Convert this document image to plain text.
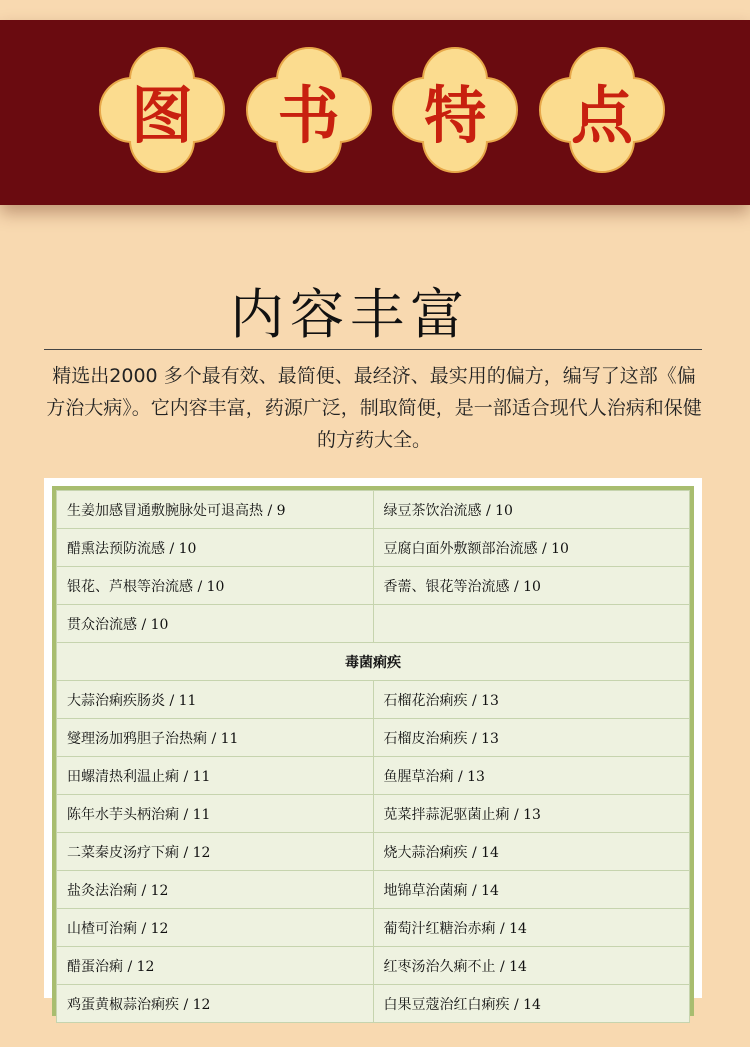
图	书	特	点
内容丰富
精选出2000 多个最有效、最简便、最经济、最实用的偏方，编写了这部《偏方治大病》。它内容丰富，药源广泛，制取简便，是一部适合现代人治病和保健的方药大全。
生姜加感冒通敷腕脉处可退高热 / 9	绿豆茶饮治流感 / 10
醋熏法预防流感 / 10	豆腐白面外敷额部治流感 / 10
银花、芦根等治流感 / 10	香薷、银花等治流感 / 10
贯众治流感 / 10	
毒菌痢疾	
大蒜治痢疾肠炎 / 11	石榴花治痢疾 / 13
燮理汤加鸦胆子治热痢 / 11	石榴皮治痢疾 / 13
田螺清热利温止痢 / 11	鱼腥草治痢 / 13
陈年水芋头柄治痢 / 11	苋菜拌蒜泥驱菌止痢 / 13
二菜秦皮汤疗下痢 / 12	烧大蒜治痢疾 / 14
盐灸法治痢 / 12	地锦草治菌痢 / 14
山楂可治痢 / 12	葡萄汁红糖治赤痢 / 14
醋蛋治痢 / 12	红枣汤治久痢不止 / 14
鸡蛋黄椒蒜治痢疾 / 12	白果豆蔻治红白痢疾 / 14
